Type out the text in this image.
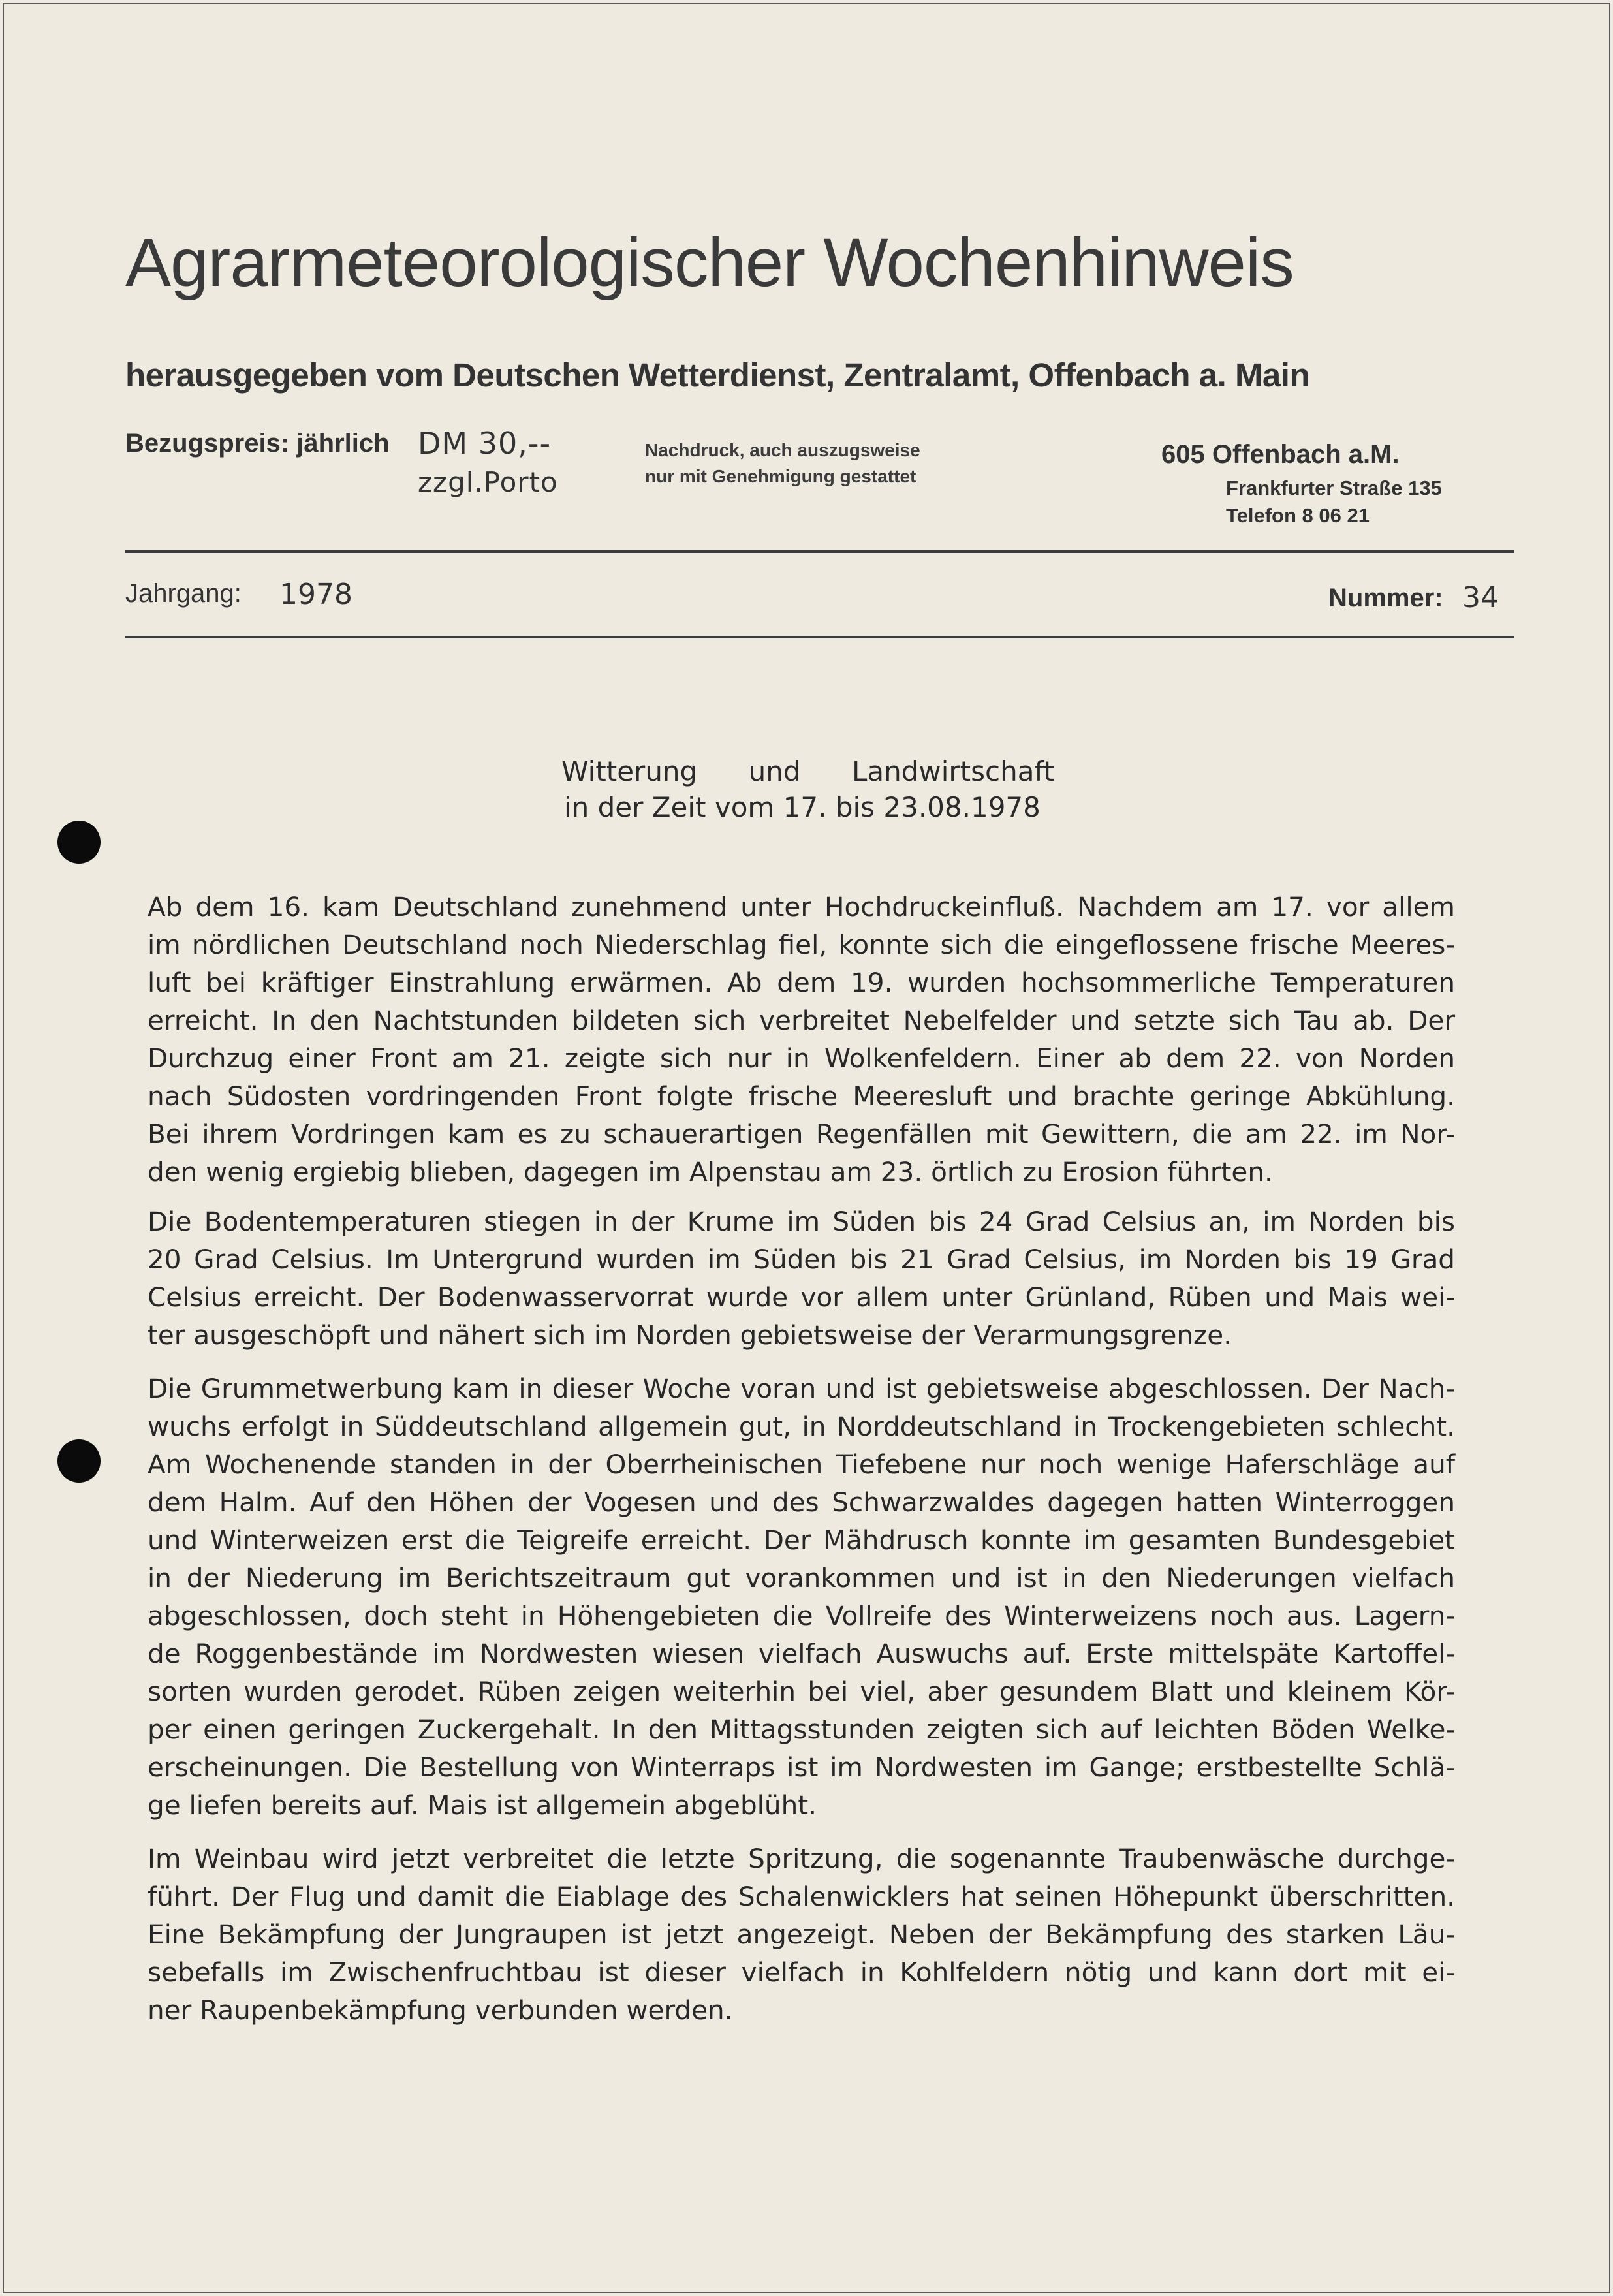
Agrarmeteorologischer Wochenhinweis
herausgegeben vom Deutschen Wetterdienst, Zentralamt, Offenbach a. Main
Bezugspreis: jährlich DM 30,--
zzgl.Porto
Nachdruck, auch auszugsweise
nur mit Genehmigung gestattet
605 Offenbach a.M.
Frankfurter Straße 135
Telefon 8 06 21
Jahrgang: 1978	Nummer: 34
Witterung und Landwirtschaft
in der Zeit vom 17. bis 23.08.1978
Ab dem 16. kam Deutschland zunehmend unter Hochdruckeinfluß. Nachdem am 17. vor allem
im nördlichen Deutschland noch Niederschlag fiel, konnte sich die eingeflossene frische Meeres-
luft bei kräftiger Einstrahlung erwärmen. Ab dem 19. wurden hochsommerliche Temperaturen
erreicht. In den Nachtstunden bildeten sich verbreitet Nebelfelder und setzte sich Tau ab. Der
Durchzug einer Front am 21. zeigte sich nur in Wolkenfeldern. Einer ab dem 22. von Norden
nach Südosten vordringenden Front folgte frische Meeresluft und brachte geringe Abkühlung.
Bei ihrem Vordringen kam es zu schauerartigen Regenfällen mit Gewittern, die am 22. im Nor-
den wenig ergiebig blieben, dagegen im Alpenstau am 23. örtlich zu Erosion führten.
Die Bodentemperaturen stiegen in der Krume im Süden bis 24 Grad Celsius an, im Norden bis
20 Grad Celsius. Im Untergrund wurden im Süden bis 21 Grad Celsius, im Norden bis 19 Grad
Celsius erreicht. Der Bodenwasservorrat wurde vor allem unter Grünland, Rüben und Mais wei-
ter ausgeschöpft und nähert sich im Norden gebietsweise der Verarmungsgrenze.
Die Grummetwerbung kam in dieser Woche voran und ist gebietsweise abgeschlossen. Der Nach-
wuchs erfolgt in Süddeutschland allgemein gut, in Norddeutschland in Trockengebieten schlecht.
Am Wochenende standen in der Oberrheinischen Tiefebene nur noch wenige Haferschläge auf
dem Halm. Auf den Höhen der Vogesen und des Schwarzwaldes dagegen hatten Winterroggen
und Winterweizen erst die Teigreife erreicht. Der Mähdrusch konnte im gesamten Bundesgebiet
in der Niederung im Berichtszeitraum gut vorankommen und ist in den Niederungen vielfach
abgeschlossen, doch steht in Höhengebieten die Vollreife des Winterweizens noch aus. Lagern-
de Roggenbestände im Nordwesten wiesen vielfach Auswuchs auf. Erste mittelspäte Kartoffel-
sorten wurden gerodet. Rüben zeigen weiterhin bei viel, aber gesundem Blatt und kleinem Kör-
per einen geringen Zuckergehalt. In den Mittagsstunden zeigten sich auf leichten Böden Welke-
erscheinungen. Die Bestellung von Winterraps ist im Nordwesten im Gange; erstbestellte Schlä-
ge liefen bereits auf. Mais ist allgemein abgeblüht.
Im Weinbau wird jetzt verbreitet die letzte Spritzung, die sogenannte Traubenwäsche durchge-
führt. Der Flug und damit die Eiablage des Schalenwicklers hat seinen Höhepunkt überschritten.
Eine Bekämpfung der Jungraupen ist jetzt angezeigt. Neben der Bekämpfung des starken Läu-
sebefalls im Zwischenfruchtbau ist dieser vielfach in Kohlfeldern nötig und kann dort mit ei-
ner Raupenbekämpfung verbunden werden.
